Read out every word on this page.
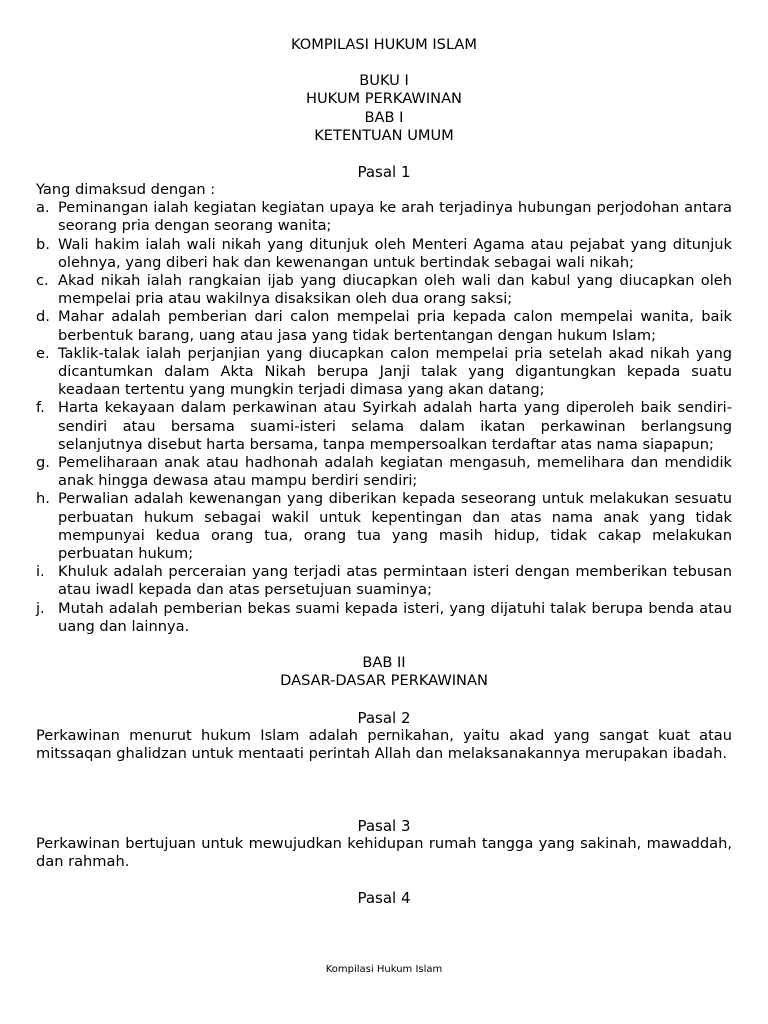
KOMPILASI HUKUM ISLAM
BUKU I
HUKUM PERKAWINAN
BAB I
KETENTUAN UMUM
Pasal 1
Yang dimaksud dengan :
a. Peminangan ialah kegiatan kegiatan upaya ke arah terjadinya hubungan perjodohan antara seorang pria dengan seorang wanita;
b. Wali hakim ialah wali nikah yang ditunjuk oleh Menteri Agama atau pejabat yang ditunjuk olehnya, yang diberi hak dan kewenangan untuk bertindak sebagai wali nikah;
c. Akad nikah ialah rangkaian ijab yang diucapkan oleh wali dan kabul yang diucapkan oleh mempelai pria atau wakilnya disaksikan oleh dua orang saksi;
d. Mahar adalah pemberian dari calon mempelai pria kepada calon mempelai wanita, baik berbentuk barang, uang atau jasa yang tidak bertentangan dengan hukum Islam;
e. Taklik-talak ialah perjanjian yang diucapkan calon mempelai pria setelah akad nikah yang dicantumkan dalam Akta Nikah berupa Janji talak yang digantungkan kepada suatu keadaan tertentu yang mungkin terjadi dimasa yang akan datang;
f. Harta kekayaan dalam perkawinan atau Syirkah adalah harta yang diperoleh baik sendiri-sendiri atau bersama suami-isteri selama dalam ikatan perkawinan berlangsung selanjutnya disebut harta bersama, tanpa mempersoalkan terdaftar atas nama siapapun;
g. Pemeliharaan anak atau hadhonah adalah kegiatan mengasuh, memelihara dan mendidik anak hingga dewasa atau mampu berdiri sendiri;
h. Perwalian adalah kewenangan yang diberikan kepada seseorang untuk melakukan sesuatu perbuatan hukum sebagai wakil untuk kepentingan dan atas nama anak yang tidak mempunyai kedua orang tua, orang tua yang masih hidup, tidak cakap melakukan perbuatan hukum;
i. Khuluk adalah perceraian yang terjadi atas permintaan isteri dengan memberikan tebusan atau iwadl kepada dan atas persetujuan suaminya;
j. Mutah adalah pemberian bekas suami kepada isteri, yang dijatuhi talak berupa benda atau uang dan lainnya.
BAB II
DASAR-DASAR PERKAWINAN
Pasal 2

Perkawinan menurut hukum Islam adalah pernikahan, yaitu akad yang sangat kuat atau mitssaqan ghalidzan untuk mentaati perintah Allah dan melaksanakannya merupakan ibadah.

Pasal 3

Perkawinan bertujuan untuk mewujudkan kehidupan rumah tangga yang sakinah, mawaddah, dan rahmah.

Pasal 4
Kompilasi Hukum Islam
